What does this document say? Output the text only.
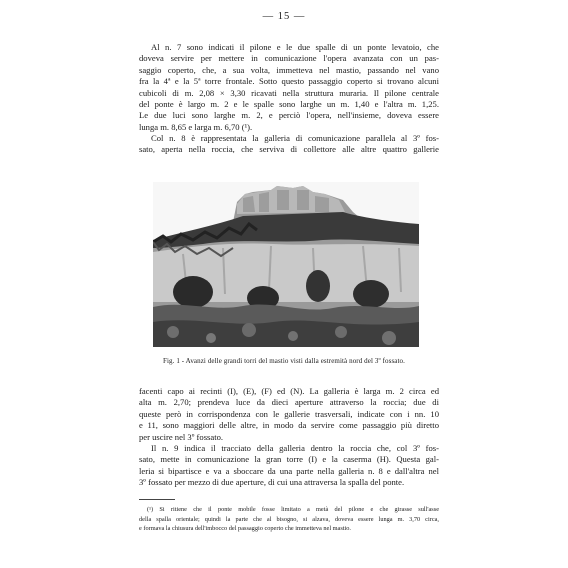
— 15 —

Al n. 7 sono indicati il pilone e le due spalle di un ponte levatoio, che
doveva servire per mettere in comunicazione l'opera avanzata con un pas-
saggio coperto, che, a sua volta, immetteva nel mastio, passando nel vano
fra la 4ª e la 5ª torre frontale. Sotto questo passaggio coperto si trovano alcuni
cubicoli di m. 2,08 × 3,30 ricavati nella struttura muraria. Il pilone centrale
del ponte è largo m. 2 e le spalle sono larghe un m. 1,40 e l'altra m. 1,25.
Le due luci sono larghe m. 2, e perciò l'opera, nell'insieme, doveva essere
lunga m. 8,65 e larga m. 6,70 (¹).

Col n. 8 è rappresentata la galleria di comunicazione parallela al 3º fos-
sato, aperta nella roccia, che serviva di collettore alle altre quattro gallerie

Fig. 1 - Avanzi delle grandi torri del mastio visti dalla estremità nord del 3º fossato.

facenti capo ai recinti (I), (E), (F) ed (N). La galleria è larga m. 2 circa ed
alta m. 2,70; prendeva luce da dieci aperture attraverso la roccia; due di
queste però in corrispondenza con le gallerie trasversali, indicate con i nn. 10
e 11, sono maggiori delle altre, in modo da servire come passaggio più diretto
per uscire nel 3º fossato.

Il n. 9 indica il tracciato della galleria dentro la roccia che, col 3º fos-
sato, mette in comunicazione la gran torre (I) e la caserma (H). Questa gal-
leria si bipartisce e va a sboccare da una parte nella galleria n. 8 e dall'altra nel
3º fossato per mezzo di due aperture, di cui una attraversa la spalla del ponte.

(¹) Si ritiene che il ponte mobile fosse limitato a metà del pilone e che girasse sull'asse
della spalla orientale; quindi la parte che al bisogno, si alzava, doveva essere lunga m. 3,70 circa,
e formava la chiusura dell'imbocco del passaggio coperto che immetteva nel mastio.
